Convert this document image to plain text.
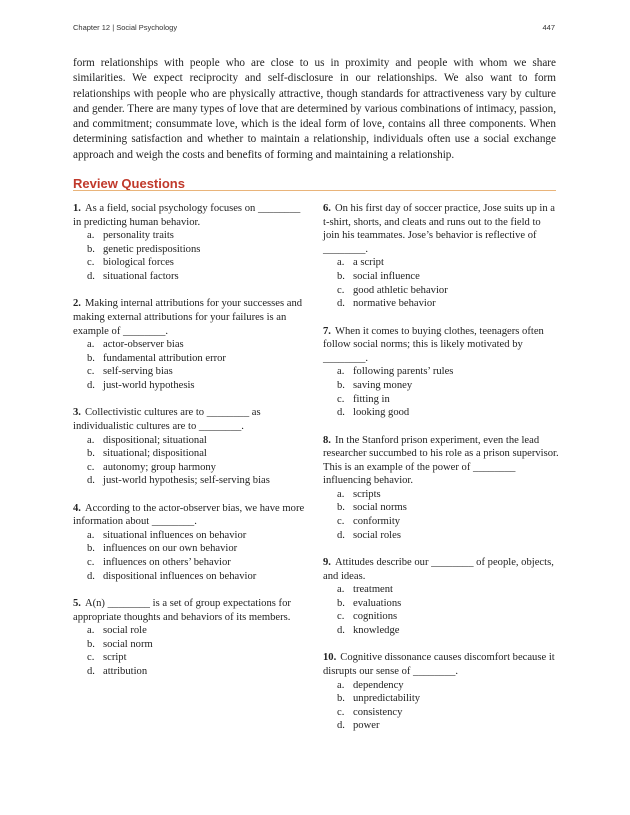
Chapter 12 | Social Psychology	447

form relationships with people who are close to us in proximity and people with whom we share similarities. We expect reciprocity and self-disclosure in our relationships. We also want to form relationships with people who are physically attractive, though standards for attractiveness vary by culture and gender. There are many types of love that are determined by various combinations of intimacy, passion, and commitment; consummate love, which is the ideal form of love, contains all three components. When determining satisfaction and whether to maintain a relationship, individuals often use a social exchange approach and weigh the costs and benefits of forming and maintaining a relationship.

Review Questions

1. As a field, social psychology focuses on ________ in predicting human behavior.

a. personality traits
b. genetic predispositions
c. biological forces
d. situational factors

2. Making internal attributions for your successes and making external attributions for your failures is an example of ________.

a. actor-observer bias
b. fundamental attribution error
c. self-serving bias
d. just-world hypothesis

3. Collectivistic cultures are to ________ as individualistic cultures are to ________.

a. dispositional; situational
b. situational; dispositional
c. autonomy; group harmony
d. just-world hypothesis; self-serving bias

4. According to the actor-observer bias, we have more information about ________.

a. situational influences on behavior
b. influences on our own behavior
c. influences on others’ behavior
d. dispositional influences on behavior

5. A(n) ________ is a set of group expectations for appropriate thoughts and behaviors of its members.

a. social role
b. social norm
c. script
d. attribution

6. On his first day of soccer practice, Jose suits up in a t-shirt, shorts, and cleats and runs out to the field to join his teammates. Jose’s behavior is reflective of ________.

a. a script
b. social influence
c. good athletic behavior
d. normative behavior

7. When it comes to buying clothes, teenagers often follow social norms; this is likely motivated by ________.

a. following parents’ rules
b. saving money
c. fitting in
d. looking good

8. In the Stanford prison experiment, even the lead researcher succumbed to his role as a prison supervisor. This is an example of the power of ________ influencing behavior.

a. scripts
b. social norms
c. conformity
d. social roles

9. Attitudes describe our ________ of people, objects, and ideas.

a. treatment
b. evaluations
c. cognitions
d. knowledge

10. Cognitive dissonance causes discomfort because it disrupts our sense of ________.

a. dependency
b. unpredictability
c. consistency
d. power
